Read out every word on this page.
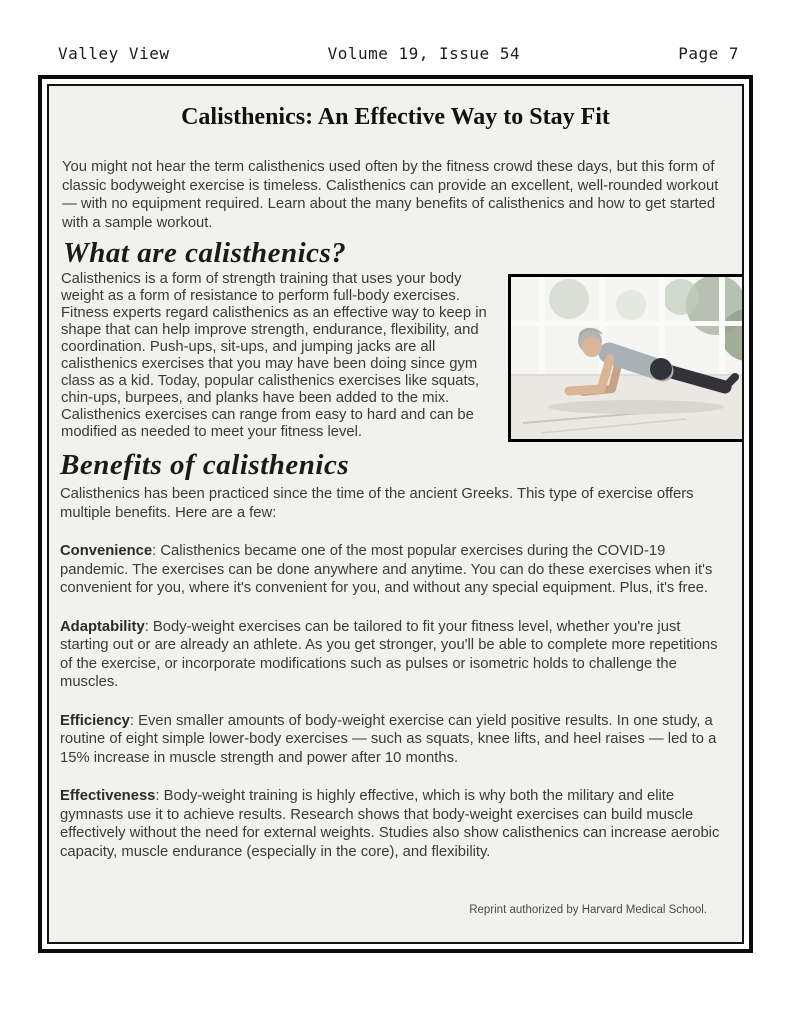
Valley View	Volume 19, Issue 54	Page 7
Calisthenics: An Effective Way to Stay Fit

You might not hear the term calisthenics used often by the fitness crowd these days, but this form of classic bodyweight exercise is timeless. Calisthenics can provide an excellent, well-rounded workout — with no equipment required. Learn about the many benefits of calisthenics and how to get started with a sample workout.

What are calisthenics?

Calisthenics is a form of strength training that uses your body weight as a form of resistance to perform full-body exercises. Fitness experts regard calisthenics as an effective way to keep in shape that can help improve strength, endurance, flexibility, and coordination. Push-ups, sit-ups, and jumping jacks are all calisthenics exercises that you may have been doing since gym class as a kid. Today, popular calisthenics exercises like squats, chin-ups, burpees, and planks have been added to the mix. Calisthenics exercises can range from easy to hard and can be modified as needed to meet your fitness level.

Benefits of calisthenics

Calisthenics has been practiced since the time of the ancient Greeks. This type of exercise offers multiple benefits. Here are a few:

Convenience: Calisthenics became one of the most popular exercises during the COVID-19 pandemic. The exercises can be done anywhere and anytime. You can do these exercises when it's convenient for you, where it's convenient for you, and without any special equipment. Plus, it's free.

Adaptability: Body-weight exercises can be tailored to fit your fitness level, whether you're just starting out or are already an athlete. As you get stronger, you'll be able to complete more repetitions of the exercise, or incorporate modifications such as pulses or isometric holds to challenge the muscles.

Efficiency: Even smaller amounts of body-weight exercise can yield positive results. In one study, a routine of eight simple lower-body exercises — such as squats, knee lifts, and heel raises — led to a 15% increase in muscle strength and power after 10 months.

Effectiveness: Body-weight training is highly effective, which is why both the military and elite gymnasts use it to achieve results. Research shows that body-weight exercises can build muscle effectively without the need for external weights. Studies also show calisthenics can increase aerobic capacity, muscle endurance (especially in the core), and flexibility.

Reprint authorized by Harvard Medical School.
